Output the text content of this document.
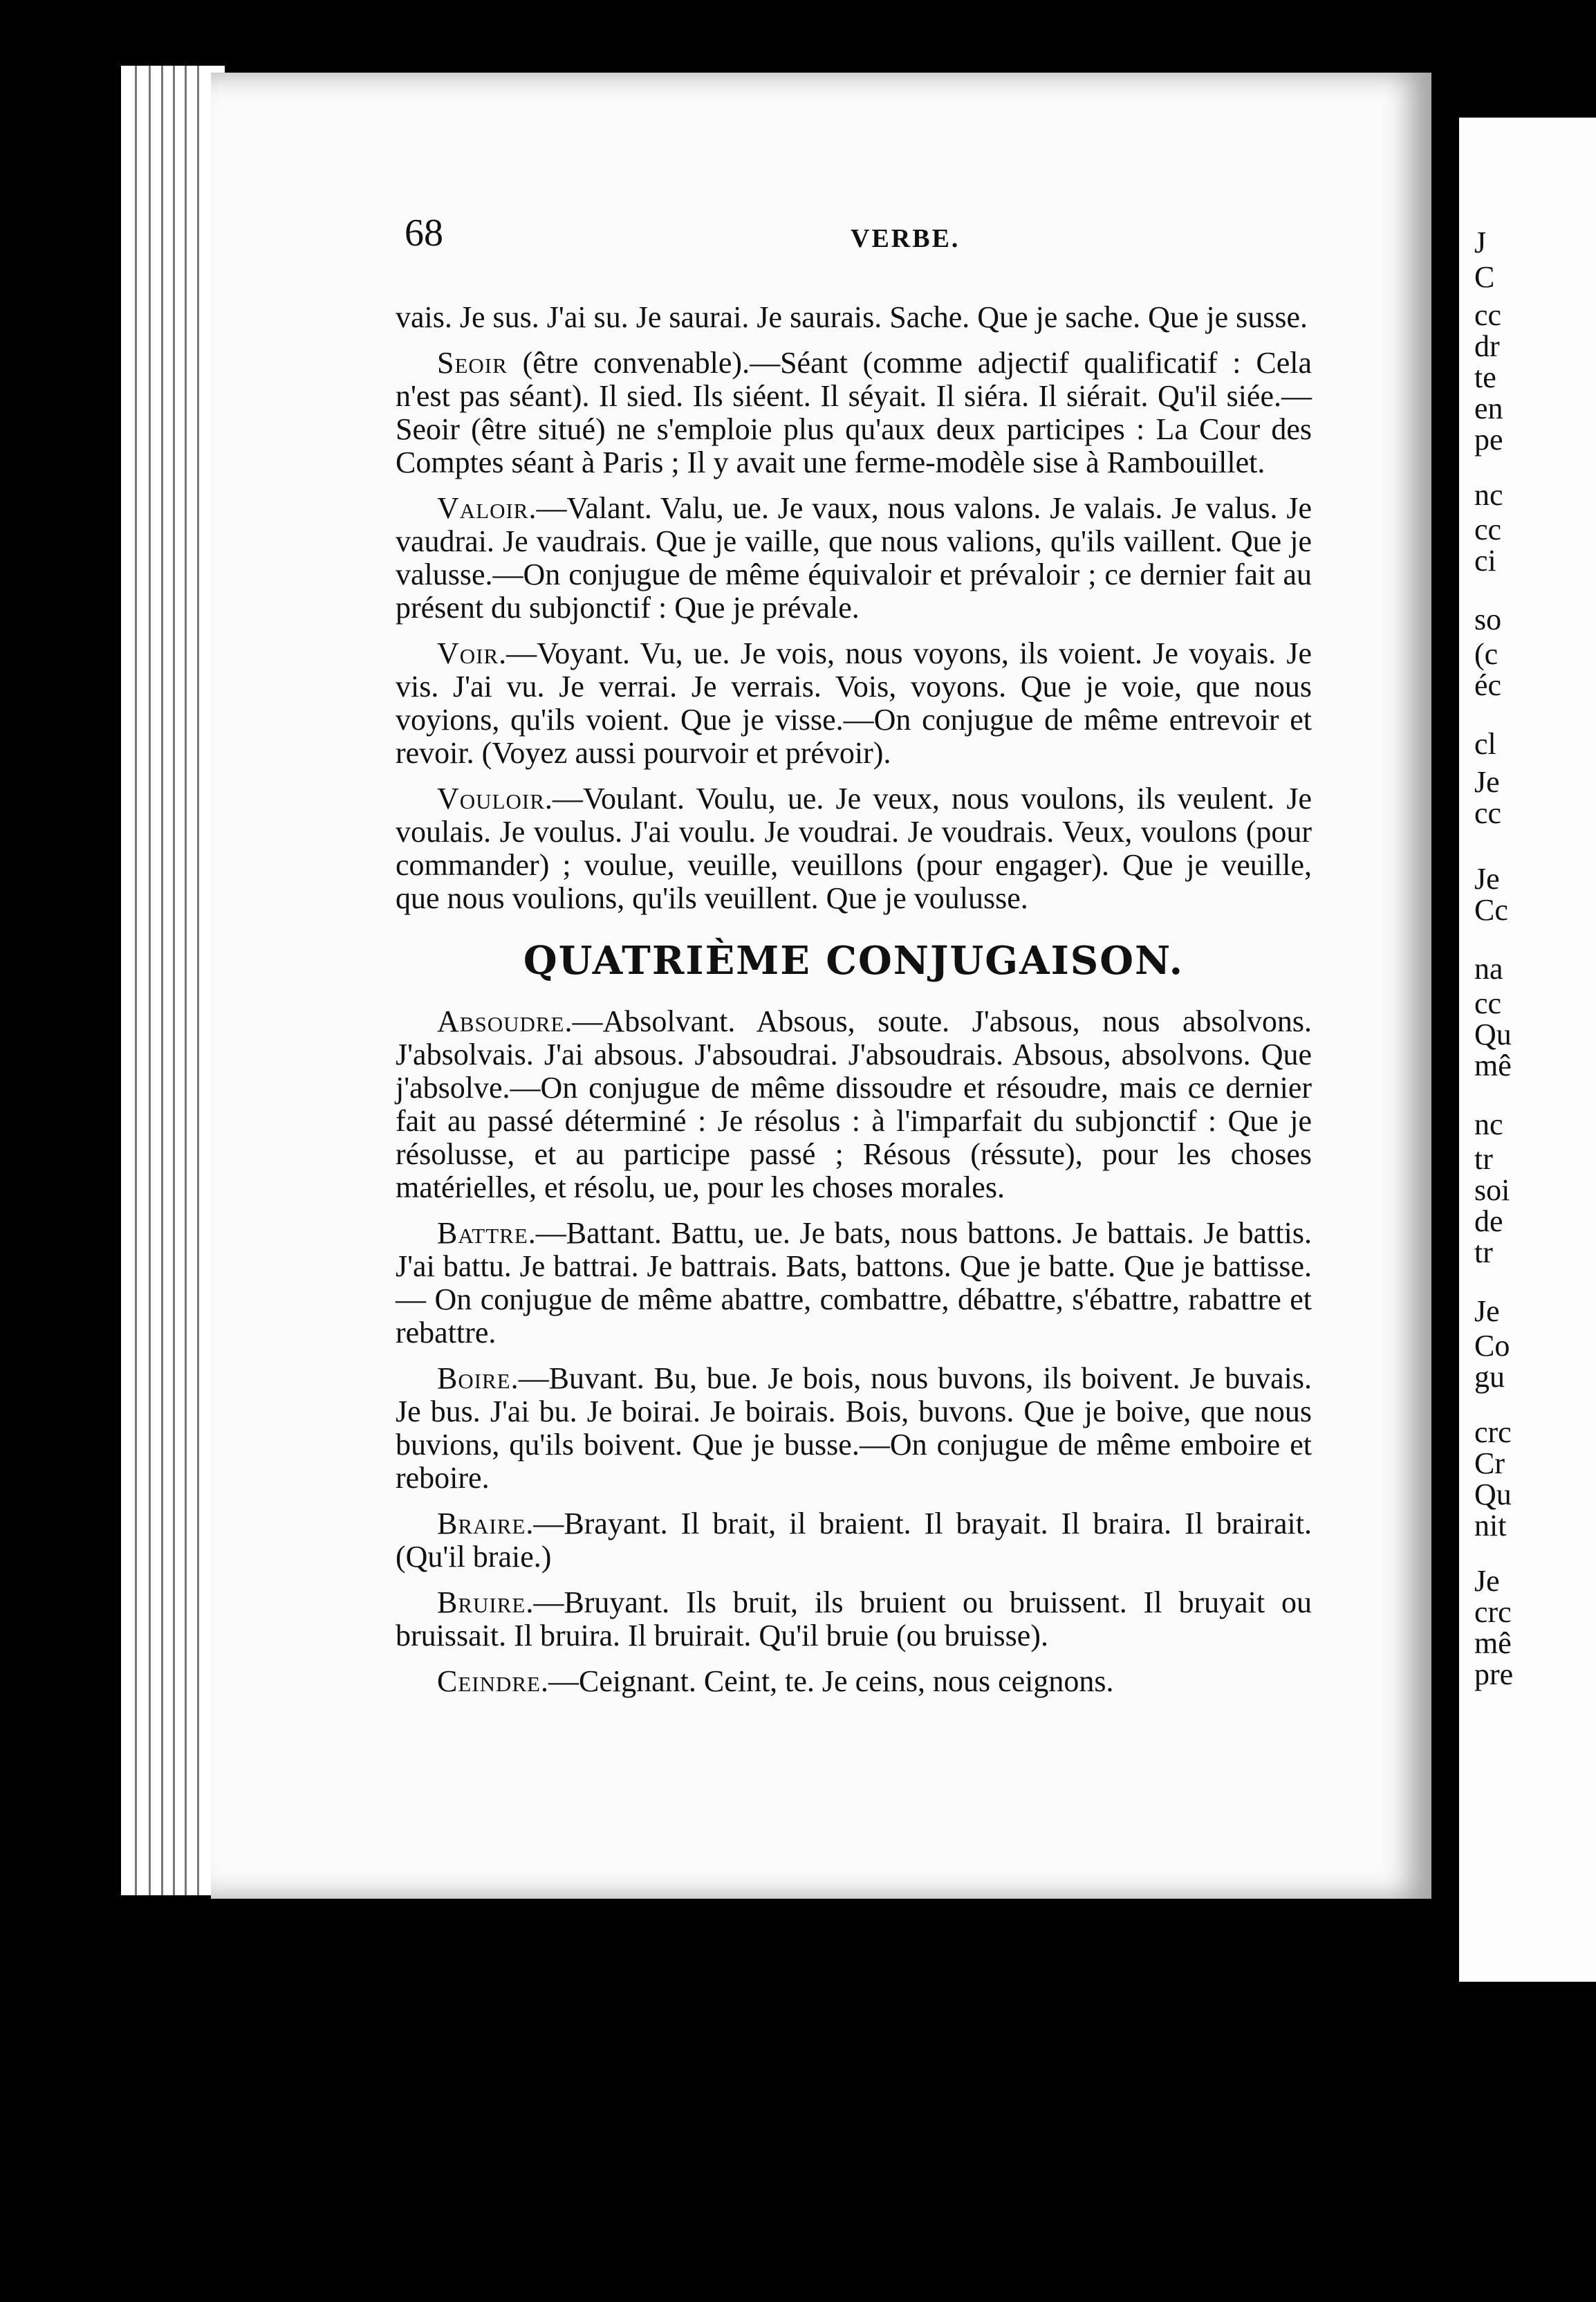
68	VERBE.

vais. Je sus. J'ai su. Je saurai. Je saurais. Sache. Que je sache. Que je susse.

Seoir (être convenable).—Séant (comme adjectif qualificatif : Cela n'est pas séant). Il sied. Ils siéent. Il séyait. Il siéra. Il siérait. Qu'il siée.—Seoir (être situé) ne s'emploie plus qu'aux deux participes : La Cour des Comptes séant à Paris ; Il y avait une ferme-modèle sise à Rambouillet.

Valoir.—Valant. Valu, ue. Je vaux, nous valons. Je valais. Je valus. Je vaudrai. Je vaudrais. Que je vaille, que nous valions, qu'ils vaillent. Que je valusse.—On conjugue de même équivaloir et prévaloir ; ce dernier fait au présent du subjonctif : Que je prévale.

Voir.—Voyant. Vu, ue. Je vois, nous voyons, ils voient. Je voyais. Je vis. J'ai vu. Je verrai. Je verrais. Vois, voyons. Que je voie, que nous voyions, qu'ils voient. Que je visse.—On conjugue de même entrevoir et revoir. (Voyez aussi pourvoir et prévoir).

Vouloir.—Voulant. Voulu, ue. Je veux, nous voulons, ils veulent. Je voulais. Je voulus. J'ai voulu. Je voudrai. Je voudrais. Veux, voulons (pour commander) ; voulue, veuille, veuillons (pour engager). Que je veuille, que nous voulions, qu'ils veuillent. Que je voulusse.

QUATRIÈME CONJUGAISON.

Absoudre.—Absolvant. Absous, soute. J'absous, nous absolvons. J'absolvais. J'ai absous. J'absoudrai. J'absoudrais. Absous, absolvons. Que j'absolve.—On conjugue de même dissoudre et résoudre, mais ce dernier fait au passé déterminé : Je résolus : à l'imparfait du subjonctif : Que je résolusse, et au participe passé ; Résous (réssute), pour les choses matérielles, et résolu, ue, pour les choses morales.

Battre.—Battant. Battu, ue. Je bats, nous battons. Je battais. Je battis. J'ai battu. Je battrai. Je battrais. Bats, battons. Que je batte. Que je battisse. — On conjugue de même abattre, combattre, débattre, s'ébattre, rabattre et rebattre.

Boire.—Buvant. Bu, bue. Je bois, nous buvons, ils boivent. Je buvais. Je bus. J'ai bu. Je boirai. Je boirais. Bois, buvons. Que je boive, que nous buvions, qu'ils boivent. Que je busse.—On conjugue de même emboire et reboire.

Braire.—Brayant. Il brait, il braient. Il brayait. Il braira. Il brairait. (Qu'il braie.)

Bruire.—Bruyant. Ils bruit, ils bruient ou bruissent. Il bruyait ou bruissait. Il bruira. Il bruirait. Qu'il bruie (ou bruisse).

Ceindre.—Ceignant. Ceint, te. Je ceins, nous ceignons.

J
C
cc
dr
te
en
pe
nc
cc
ci
so
(c
éc
cl
Je
cc
Je
Cc
na
cc
Qu
mê
nc
tr
soi
de
tr
Je
Co
gu
crc
Cr
Qu
nit
Je
crc
mê
pre
